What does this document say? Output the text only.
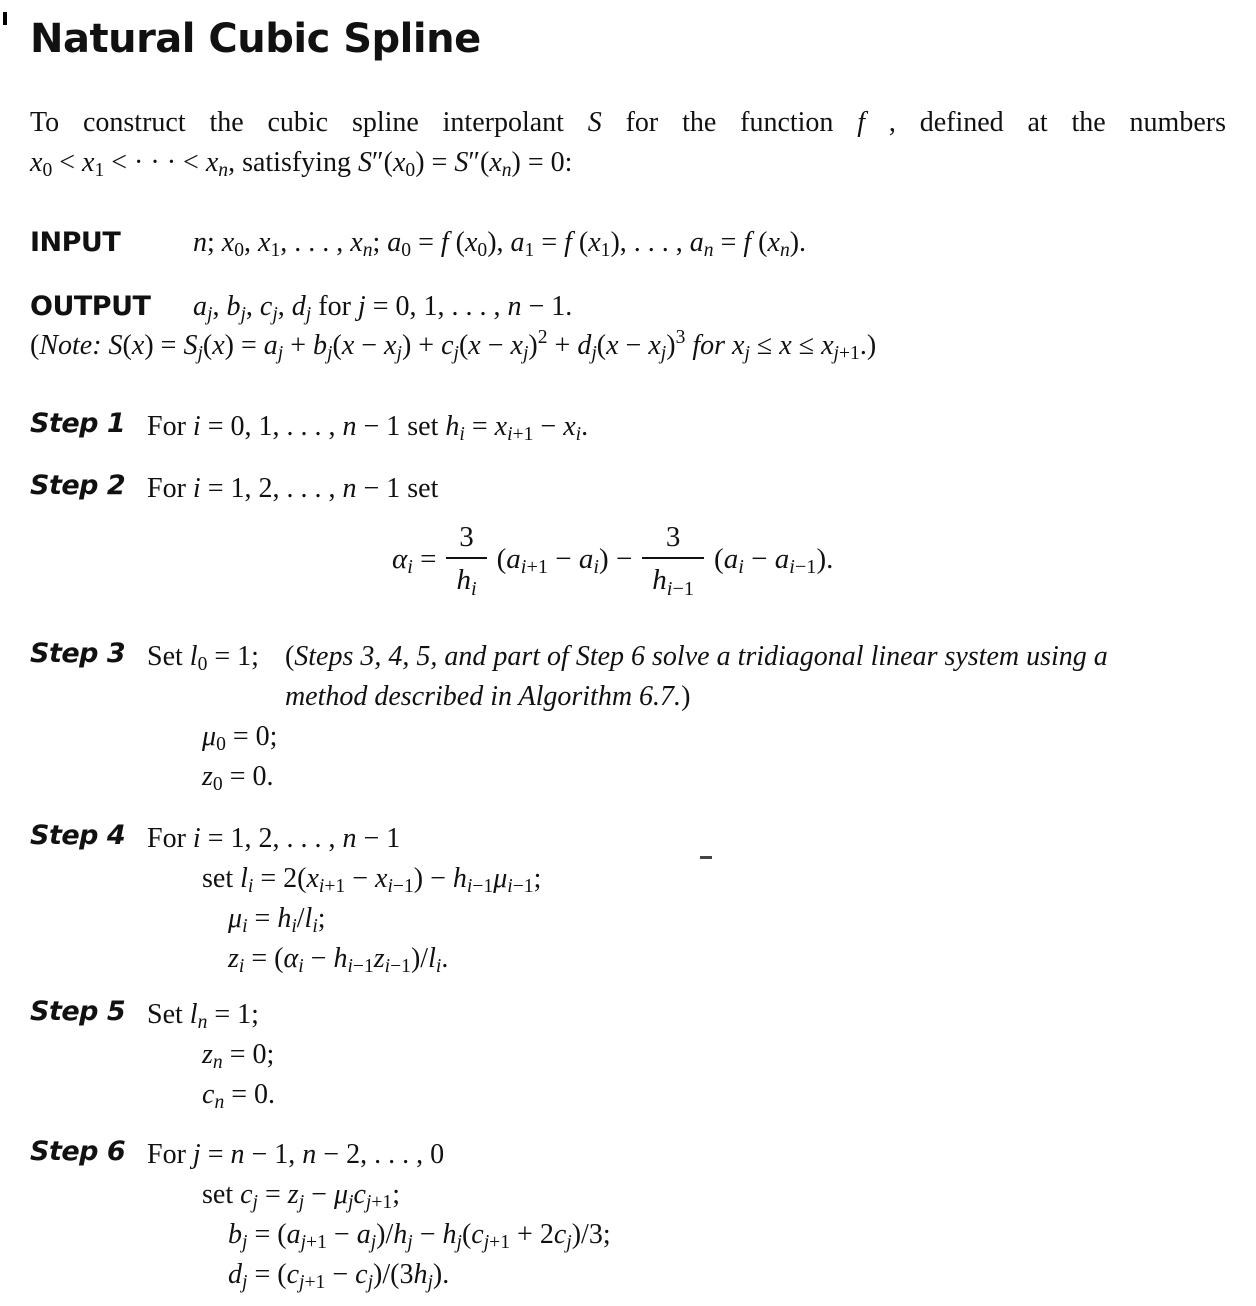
Natural Cubic Spline
To construct the cubic spline interpolant S for the function f , defined at the numbers
$x_0 < x_1$ < · · · < $x_n$, satisfying $S''(x_0) = S''(x_n) = 0$:
INPUT	n; $x_0$, $x_1$, . . . , $x_n$; $a_0 = f$ $(x_0)$, $a_1 = f$ $(x_1)$, . . . , $a_n = f$ $(x_n)$.
OUTPUT	$a_j$, $b_j$, $c_j$, $d_j$ for j = 0, 1, . . . , n − 1.
(Note: $S(x) = S_j(x) = a_j + b_j(x - x_j) + c_j(x - x_j)^2 + d_j(x - x_j)^3$ for $x_j \le x \le x_{j+1}$.)
Step 1 For i = 0, 1, . . . , n − 1 set $h_i = x_{i+1} - x_i$.
Step 2 For i = 1, 2, . . . , n − 1 set
$\alpha_i = \frac{3}{h_i} (a_{i+1} - a_i) - \frac{3}{h_{i-1}} (a_i - a_{i-1})$.
Step 3 Set $l_0 = 1$; (Steps 3, 4, 5, and part of Step 6 solve a tridiagonal linear system using a method described in Algorithm 6.7.)
$\mu_0 = 0$;
$z_0 = 0$.
Step 4 For i = 1, 2, . . . , n − 1
set $l_i = 2(x_{i+1} - x_{i-1}) - h_{i-1}\mu_{i-1}$;
$\mu_i = h_i/l_i$;
$z_i = (\alpha_i - h_{i-1}z_{i-1})/l_i$.
Step 5 Set $l_n = 1$;
$z_n = 0$;
$c_n = 0$.
Step 6 For j = n − 1, n − 2, . . . , 0
set $c_j = z_j - \mu_jc_{j+1}$;
$b_j = (a_{j+1} - a_j)/h_j - h_j(c_{j+1} + 2c_j)/3$;
$d_j = (c_{j+1} - c_j)/(3h_j)$.
